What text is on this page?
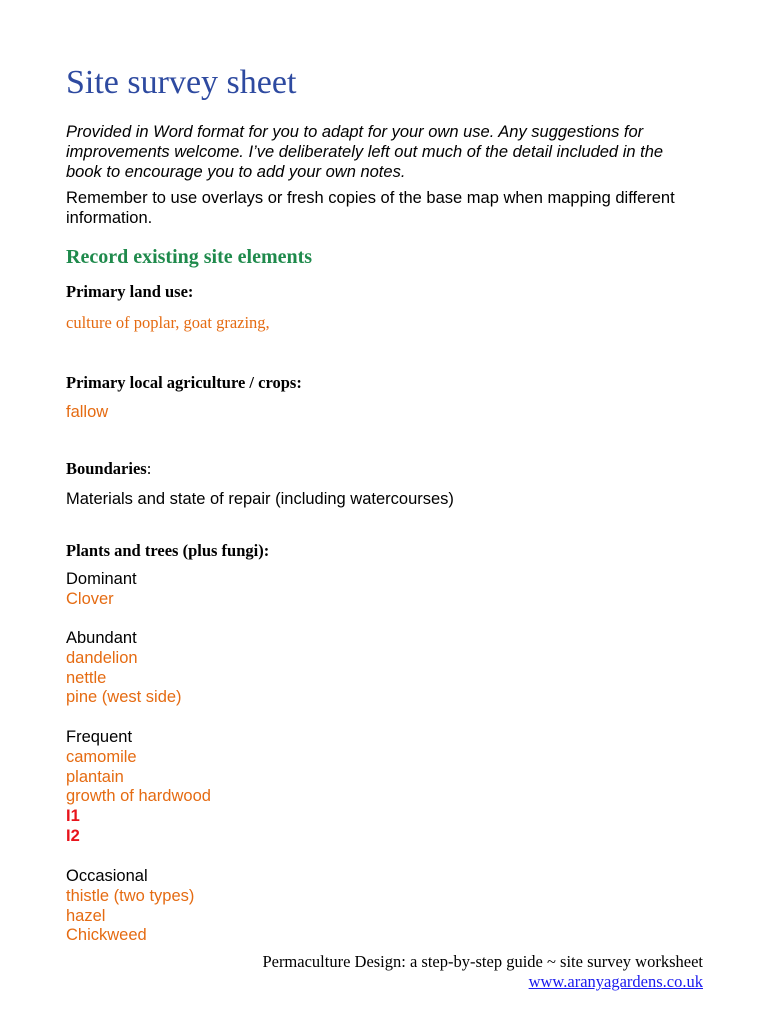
Site survey sheet
Provided in Word format for you to adapt for your own use. Any suggestions for improvements welcome. I’ve deliberately left out much of the detail included in the book to encourage you to add your own notes.
Remember to use overlays or fresh copies of the base map when mapping different information.
Record existing site elements
Primary land use:
culture of poplar, goat grazing,
Primary local agriculture / crops:
fallow
Boundaries:
Materials and state of repair (including watercourses)
Plants and trees (plus fungi):
Dominant
Clover
Abundant
dandelion
nettle
pine (west side)
Frequent
camomile
plantain
growth of hardwood
I1
I2
Occasional
thistle (two types)
hazel
Chickweed
Permaculture Design: a step-by-step guide ~ site survey worksheet
www.aranyagardens.co.uk
